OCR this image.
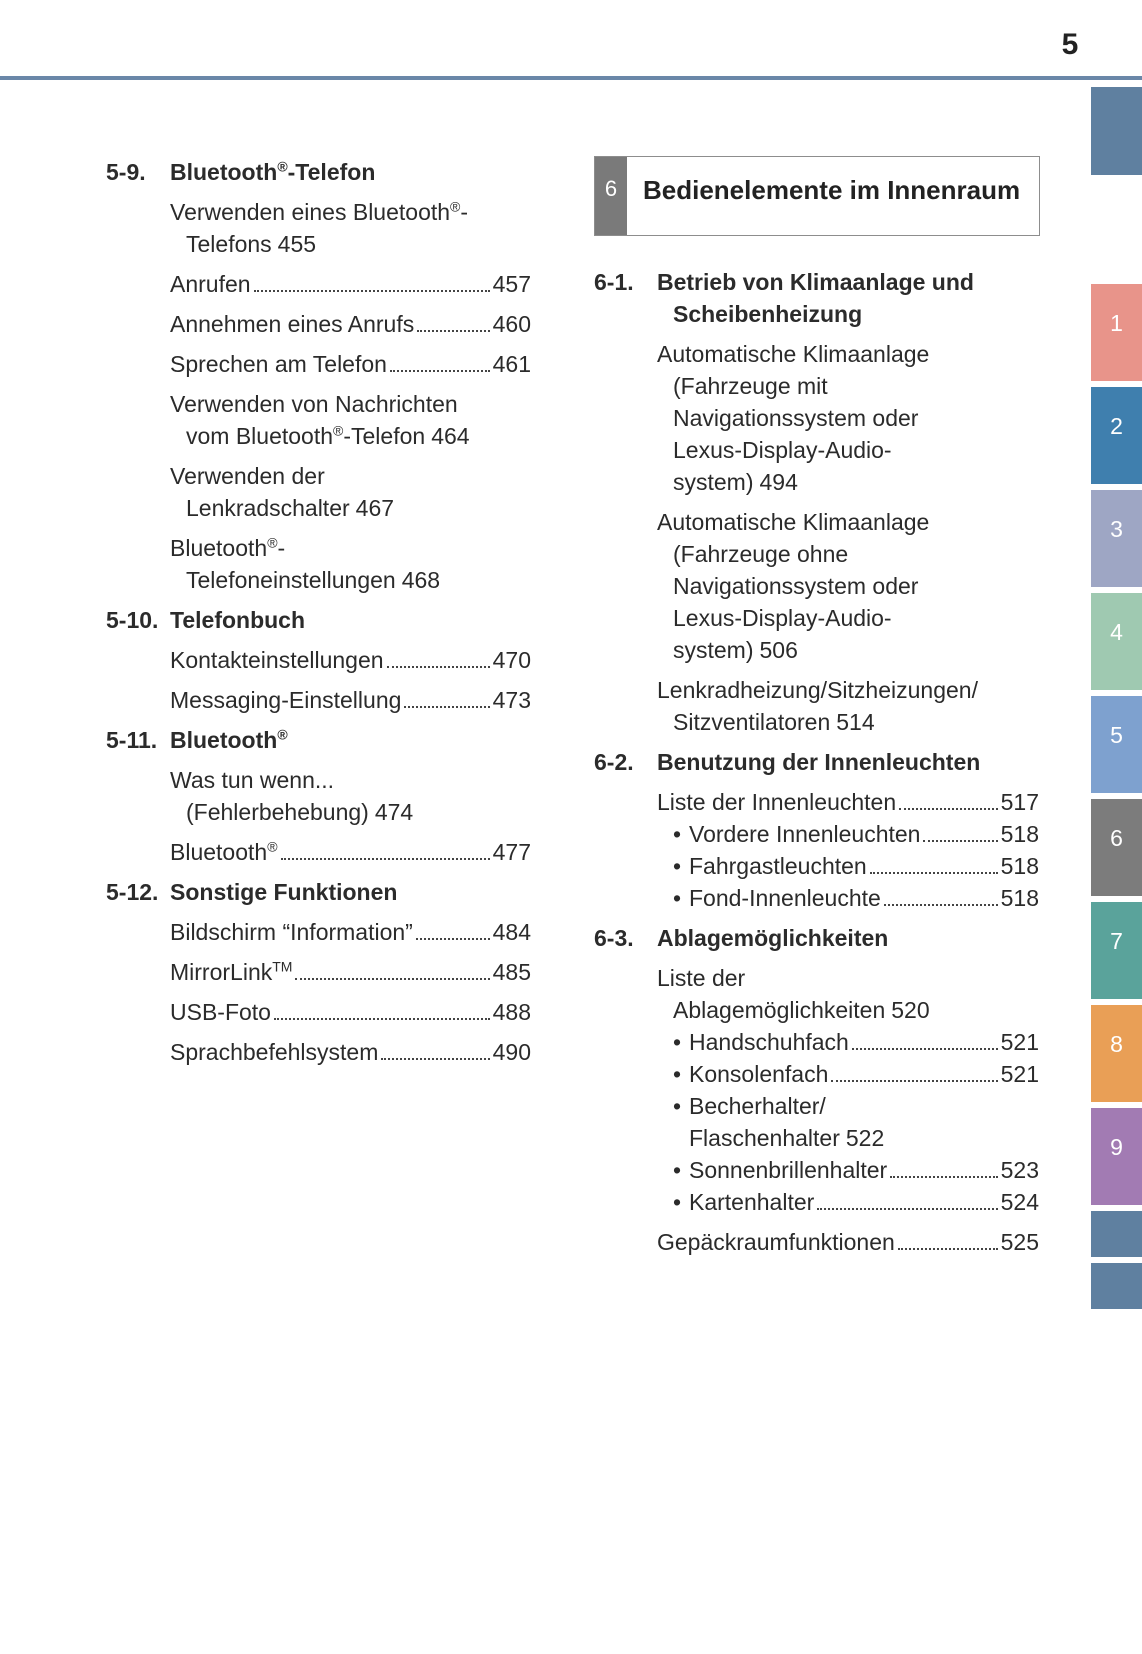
5
1
2
3
4
5
6
7
8
9
5-9. Bluetooth®-Telefon
Verwenden eines Bluetooth®-
Telefons 455
Anrufen	457
Annehmen eines Anrufs	460
Sprechen am Telefon	461
Verwenden von Nachrichten
vom Bluetooth®-Telefon 464
Verwenden der
Lenkradschalter 467
Bluetooth®-
Telefoneinstellungen 468
5-10. Telefonbuch
Kontakteinstellungen	470
Messaging-Einstellung	473
5-11. Bluetooth®
Was tun wenn...
(Fehlerbehebung) 474
Bluetooth®	477
5-12. Sonstige Funktionen
Bildschirm “Information”	484
MirrorLink™	485
USB-Foto	488
Sprachbefehlsystem	490
6 Bedienelemente im Innenraum
6-1. Betrieb von Klimaanlage und
Scheibenheizung
Automatische Klimaanlage
(Fahrzeuge mit
Navigationssystem oder
Lexus-Display-Audio-
system) 494
Automatische Klimaanlage
(Fahrzeuge ohne
Navigationssystem oder
Lexus-Display-Audio-
system) 506
Lenkradheizung/Sitzheizungen/
Sitzventilatoren 514
6-2. Benutzung der Innenleuchten
Liste der Innenleuchten	517
• Vordere Innenleuchten	518
• Fahrgastleuchten	518
• Fond-Innenleuchte	518
6-3. Ablagemöglichkeiten
Liste der
Ablagemöglichkeiten 520
• Handschuhfach	521
• Konsolenfach	521
• Becherhalter/
Flaschenhalter 522
• Sonnenbrillenhalter	523
• Kartenhalter	524
Gepäckraumfunktionen	525
